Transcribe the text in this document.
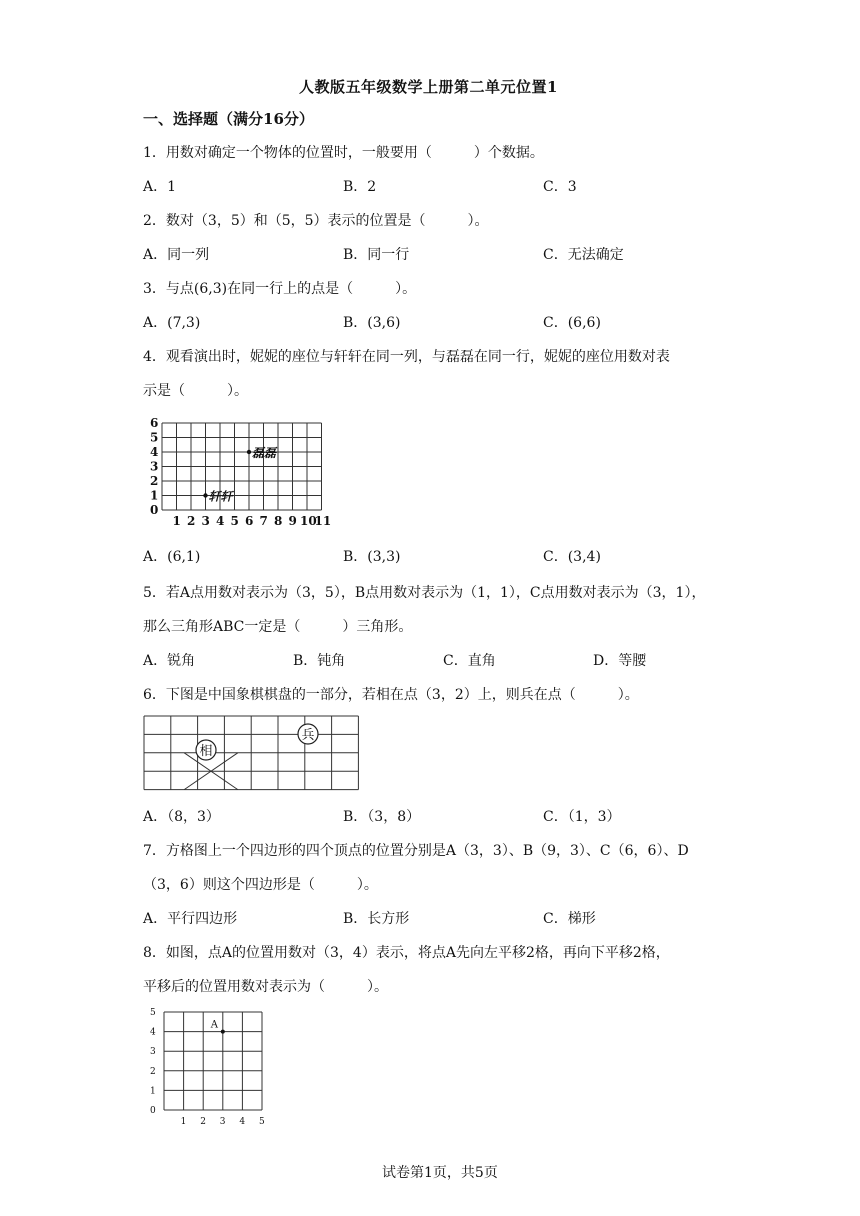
人教版五年级数学上册第二单元位置1
一、选择题（满分16分）
1．用数对确定一个物体的位置时，一般要用（　　　）个数据。
A．1	B．2	C．3
2．数对（3，5）和（5，5）表示的位置是（　　　）。
A．同一列	B．同一行	C．无法确定
3．与点(6,3)在同一行上的点是（　　　）。
A．(7,3)	B．(3,6)	C．(6,6)
4．观看演出时，妮妮的座位与轩轩在同一列，与磊磊在同一行，妮妮的座位用数对表
示是（　　　）。
0
1
2
3
4
5
6
1 2 3 4 5 6 7 8 9 10
11
磊磊
轩轩
A．(6,1)	B．(3,3)	C．(3,4)
5．若A点用数对表示为（3，5），B点用数对表示为（1，1），C点用数对表示为（3，1），
那么三角形ABC一定是（　　　）三角形。
A．锐角	B．钝角	C．直角	D．等腰
6．下图是中国象棋棋盘的一部分，若相在点（3，2）上，则兵在点（　　　）。
相
兵
A．（8，3）	B．（3，8）	C．（1，3）
7．方格图上一个四边形的四个顶点的位置分别是A（3，3）、B（9，3）、C（6，6）、D
（3，6）则这个四边形是（　　　）。
A．平行四边形	B．长方形	C．梯形
8．如图，点A的位置用数对（3，4）表示，将点A先向左平移2格，再向下平移2格，
平移后的位置用数对表示为（　　　）。
0
1
2
3
4
5
1 2 3 4 5
A
试卷第1页，共5页
